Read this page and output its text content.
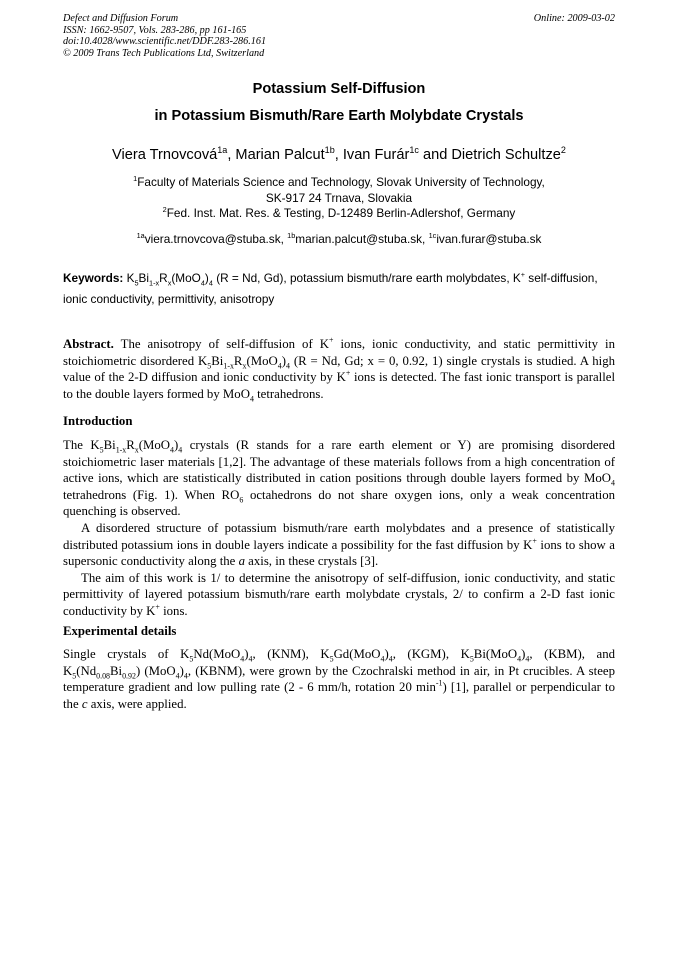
Defect and Diffusion Forum
ISSN: 1662-9507, Vols. 283-286, pp 161-165
doi:10.4028/www.scientific.net/DDF.283-286.161
© 2009 Trans Tech Publications Ltd, Switzerland
Online: 2009-03-02
Potassium Self-Diffusion
in Potassium Bismuth/Rare Earth Molybdate Crystals
Viera Trnovcová$^{1a}$, Marian Palcut$^{1b}$, Ivan Furár$^{1c}$ and Dietrich Schultze$^2$
$^1$Faculty of Materials Science and Technology, Slovak University of Technology,
SK-917 24 Trnava, Slovakia
$^2$Fed. Inst. Mat. Res. & Testing, D-12489 Berlin-Adlershof, Germany
$^{1a}$viera.trnovcova@stuba.sk, $^{1b}$marian.palcut@stuba.sk, $^{1c}$ivan.furar@stuba.sk
Keywords: $K_5Bi_{1-x}R_x(MoO_4)_4$ (R = Nd, Gd), potassium bismuth/rare earth molybdates, K+ self-diffusion, ionic conductivity, permittivity, anisotropy
Abstract. The anisotropy of self-diffusion of K+ ions, ionic conductivity, and static permittivity in stoichiometric disordered $K_5Bi_{1-x}R_x(MoO_4)_4$ (R = Nd, Gd; x = 0, 0.92, 1) single crystals is studied. A high value of the 2-D diffusion and ionic conductivity by K+ ions is detected. The fast ionic transport is parallel to the double layers formed by MoO$_4$ tetrahedrons.
Introduction

The $K_5Bi_{1-x}R_x(MoO_4)_4$ crystals (R stands for a rare earth element or Y) are promising disordered stoichiometric laser materials [1,2]. The advantage of these materials follows from a high concentration of active ions, which are statistically distributed in cation positions through double layers formed by MoO$_4$ tetrahedrons (Fig. 1). When $RO_6$ octahedrons do not share oxygen ions, only a weak concentration quenching is observed.

A disordered structure of potassium bismuth/rare earth molybdates and a presence of statistically distributed potassium ions in double layers indicate a possibility for the fast diffusion by K+ ions to show a supersonic conductivity along the a axis, in these crystals [3].

The aim of this work is 1/ to determine the anisotropy of self-diffusion, ionic conductivity, and static permittivity of layered potassium bismuth/rare earth molybdate crystals, 2/ to confirm a 2-D fast ionic conductivity by K+ ions.

Experimental details
Single crystals of $K_5Nd(MoO_4)_4$, (KNM), $K_5Gd(MoO_4)_4$, (KGM), $K_5Bi(MoO_4)_4$, (KBM), and $K_5(Nd_{0.08}Bi_{0.92})$ $(MoO_4)_4$, (KBNM), were grown by the Czochralski method in air, in Pt crucibles. A steep temperature gradient and low pulling rate (2 - 6 mm/h, rotation 20 $\min^{-1}$) [1], parallel or perpendicular to the c axis, were applied.
